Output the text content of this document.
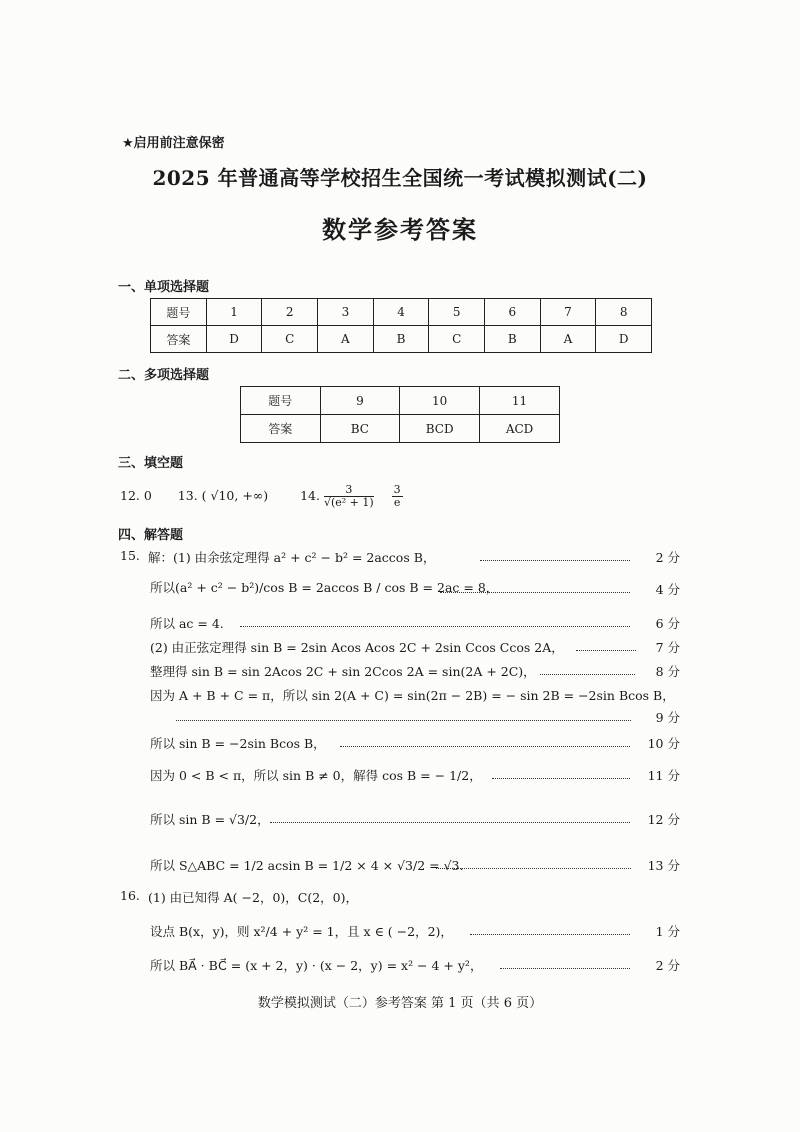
★启用前注意保密
2025 年普通高等学校招生全国统一考试模拟测试(二)
数学参考答案
一、单项选择题
题号	1	2	3	4	5	6	7	8
答案	D	C	A	B	C	B	A	D
二、多项选择题
题号	9	10	11
答案	BC	BCD	ACD
三、填空题
12. 0 13. ( √10, +∞)	14. $\frac{3}{\text{√(e² + 1)}}$
$\frac{3}{e}$
四、解答题
15. 解：(1) 由余弦定理得 a² + c² − b² = 2accos B，	2 分
所以(a² + c² − b²)/cos B = 2accos B / cos B = 2ac = 8，	4 分
所以 ac = 4.	6 分
(2) 由正弦定理得 sin B = 2sin Acos Acos 2C + 2sin Ccos Ccos 2A，	7 分
整理得 sin B = sin 2Acos 2C + sin 2Ccos 2A = sin(2A + 2C)，	8 分
因为 A + B + C = π，所以 sin 2(A + C) = sin(2π − 2B) = − sin 2B = −2sin Bcos B，
9 分
所以 sin B = −2sin Bcos B，	10 分
因为 0 < B < π，所以 sin B ≠ 0，解得 cos B = − 1/2，	11 分
所以 sin B = √3/2，	12 分
所以 S△ABC = 1/2 acsin B = 1/2 × 4 × √3/2 = √3.	13 分
16. (1) 由已知得 A( −2，0)，C(2，0)，
设点 B(x，y)，则 x²/4 + y² = 1，且 x ∈ ( −2，2)，	1 分
所以 BA⃗ · BC⃗ = (x + 2，y) · (x − 2，y) = x² − 4 + y²，	2 分
数学模拟测试（二）参考答案 第 1 页（共 6 页）
